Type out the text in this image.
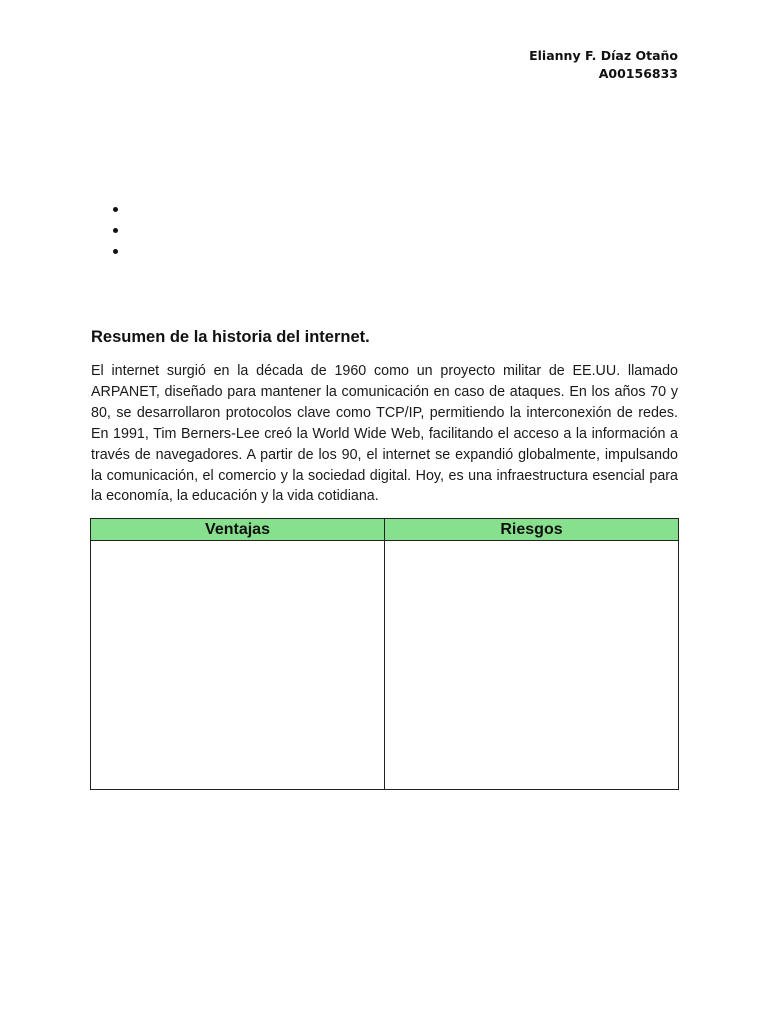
Elianny F. Díaz Otaño
A00156833
Resumen de la historia del internet.

El internet surgió en la década de 1960 como un proyecto militar de EE.UU. llamado ARPANET, diseñado para mantener la comunicación en caso de ataques. En los años 70 y 80, se desarrollaron protocolos clave como TCP/IP, permitiendo la interconexión de redes. En 1991, Tim Berners-Lee creó la World Wide Web, facilitando el acceso a la información a través de navegadores. A partir de los 90, el internet se expandió globalmente, impulsando la comunicación, el comercio y la sociedad digital. Hoy, es una infraestructura esencial para la economía, la educación y la vida cotidiana.

Ventajas	Riesgos
